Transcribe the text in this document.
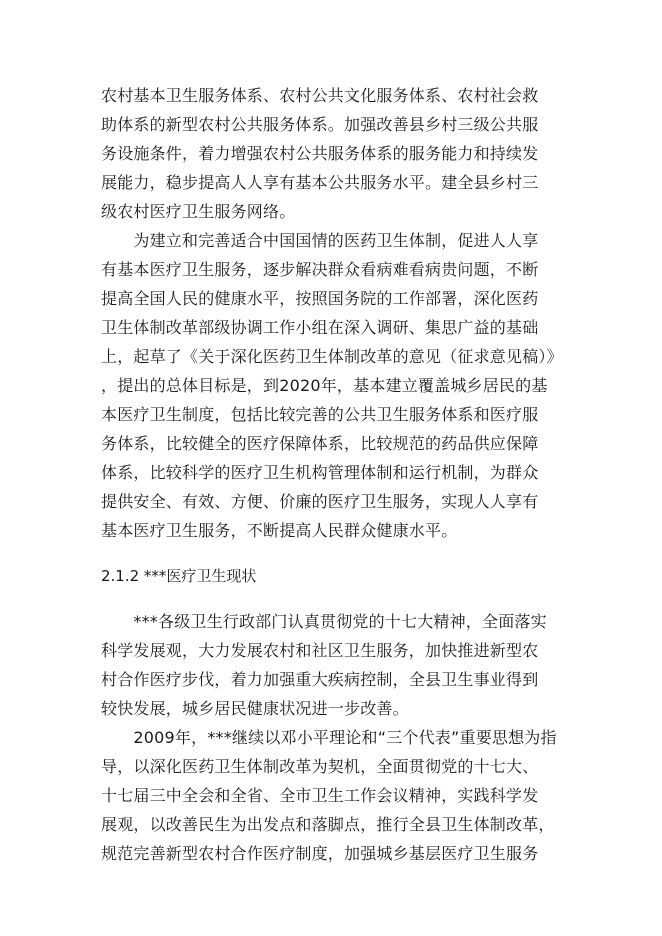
农村基本卫生服务体系、农村公共文化服务体系、农村社会救
助体系的新型农村公共服务体系。加强改善县乡村三级公共服
务设施条件，着力增强农村公共服务体系的服务能力和持续发
展能力，稳步提高人人享有基本公共服务水平。建全县乡村三
级农村医疗卫生服务网络。
　　为建立和完善适合中国国情的医药卫生体制，促进人人享
有基本医疗卫生服务，逐步解决群众看病难看病贵问题，不断
提高全国人民的健康水平，按照国务院的工作部署，深化医药
卫生体制改革部级协调工作小组在深入调研、集思广益的基础
上，起草了《关于深化医药卫生体制改革的意见（征求意见稿）》
，提出的总体目标是，到2020年，基本建立覆盖城乡居民的基
本医疗卫生制度，包括比较完善的公共卫生服务体系和医疗服
务体系，比较健全的医疗保障体系，比较规范的药品供应保障
体系，比较科学的医疗卫生机构管理体制和运行机制，为群众
提供安全、有效、方便、价廉的医疗卫生服务，实现人人享有
基本医疗卫生服务，不断提高人民群众健康水平。
2.1.2 ***医疗卫生现状
　　***各级卫生行政部门认真贯彻党的十七大精神，全面落实
科学发展观，大力发展农村和社区卫生服务，加快推进新型农
村合作医疗步伐，着力加强重大疾病控制，全县卫生事业得到
较快发展，城乡居民健康状况进一步改善。
　　2009年，***继续以邓小平理论和“三个代表”重要思想为指
导，以深化医药卫生体制改革为契机，全面贯彻党的十七大、
十七届三中全会和全省、全市卫生工作会议精神，实践科学发
展观，以改善民生为出发点和落脚点，推行全县卫生体制改革，
规范完善新型农村合作医疗制度，加强城乡基层医疗卫生服务
